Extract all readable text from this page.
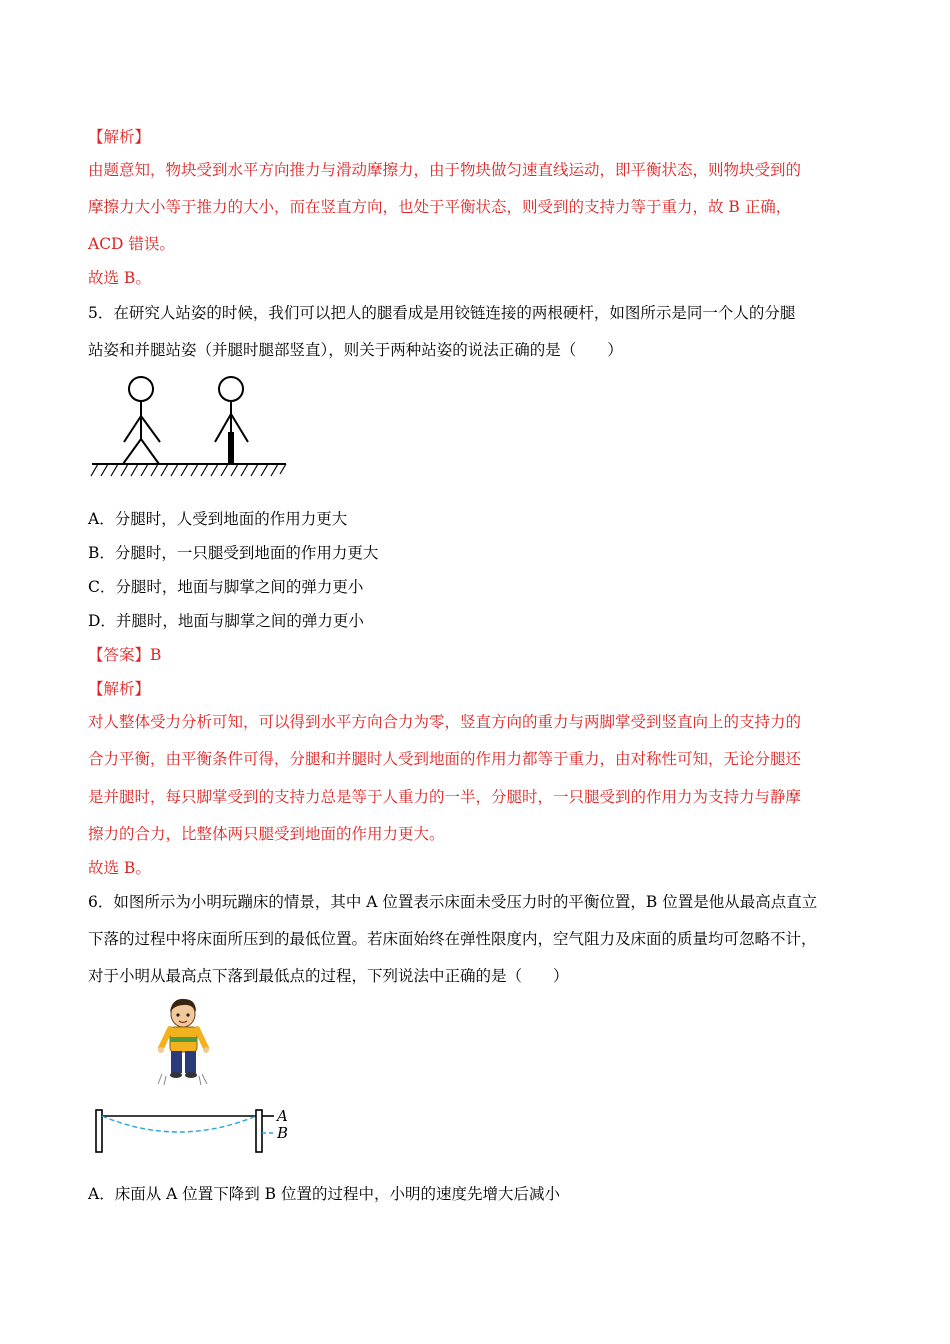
【解析】
由题意知，物块受到水平方向推力与滑动摩擦力，由于物块做匀速直线运动，即平衡状态，则物块受到的
摩擦力大小等于推力的大小，而在竖直方向，也处于平衡状态，则受到的支持力等于重力，故 B 正确，
ACD 错误。
故选 B。
5．在研究人站姿的时候，我们可以把人的腿看成是用铰链连接的两根硬杆，如图所示是同一个人的分腿
站姿和并腿站姿（并腿时腿部竖直），则关于两种站姿的说法正确的是（　　）
A．分腿时，人受到地面的作用力更大
B．分腿时，一只腿受到地面的作用力更大
C．分腿时，地面与脚掌之间的弹力更小
D．并腿时，地面与脚掌之间的弹力更小
【答案】B
【解析】
对人整体受力分析可知，可以得到水平方向合力为零，竖直方向的重力与两脚掌受到竖直向上的支持力的
合力平衡，由平衡条件可得，分腿和并腿时人受到地面的作用力都等于重力，由对称性可知，无论分腿还
是并腿时，每只脚掌受到的支持力总是等于人重力的一半，分腿时，一只腿受到的作用力为支持力与静摩
擦力的合力，比整体两只腿受到地面的作用力更大。
故选 B。
6．如图所示为小明玩蹦床的情景，其中 A 位置表示床面未受压力时的平衡位置，B 位置是他从最高点直立
下落的过程中将床面所压到的最低位置。若床面始终在弹性限度内，空气阻力及床面的质量均可忽略不计，
对于小明从最高点下落到最低点的过程，下列说法中正确的是（　　）
A
B
A．床面从 A 位置下降到 B 位置的过程中，小明的速度先增大后减小
